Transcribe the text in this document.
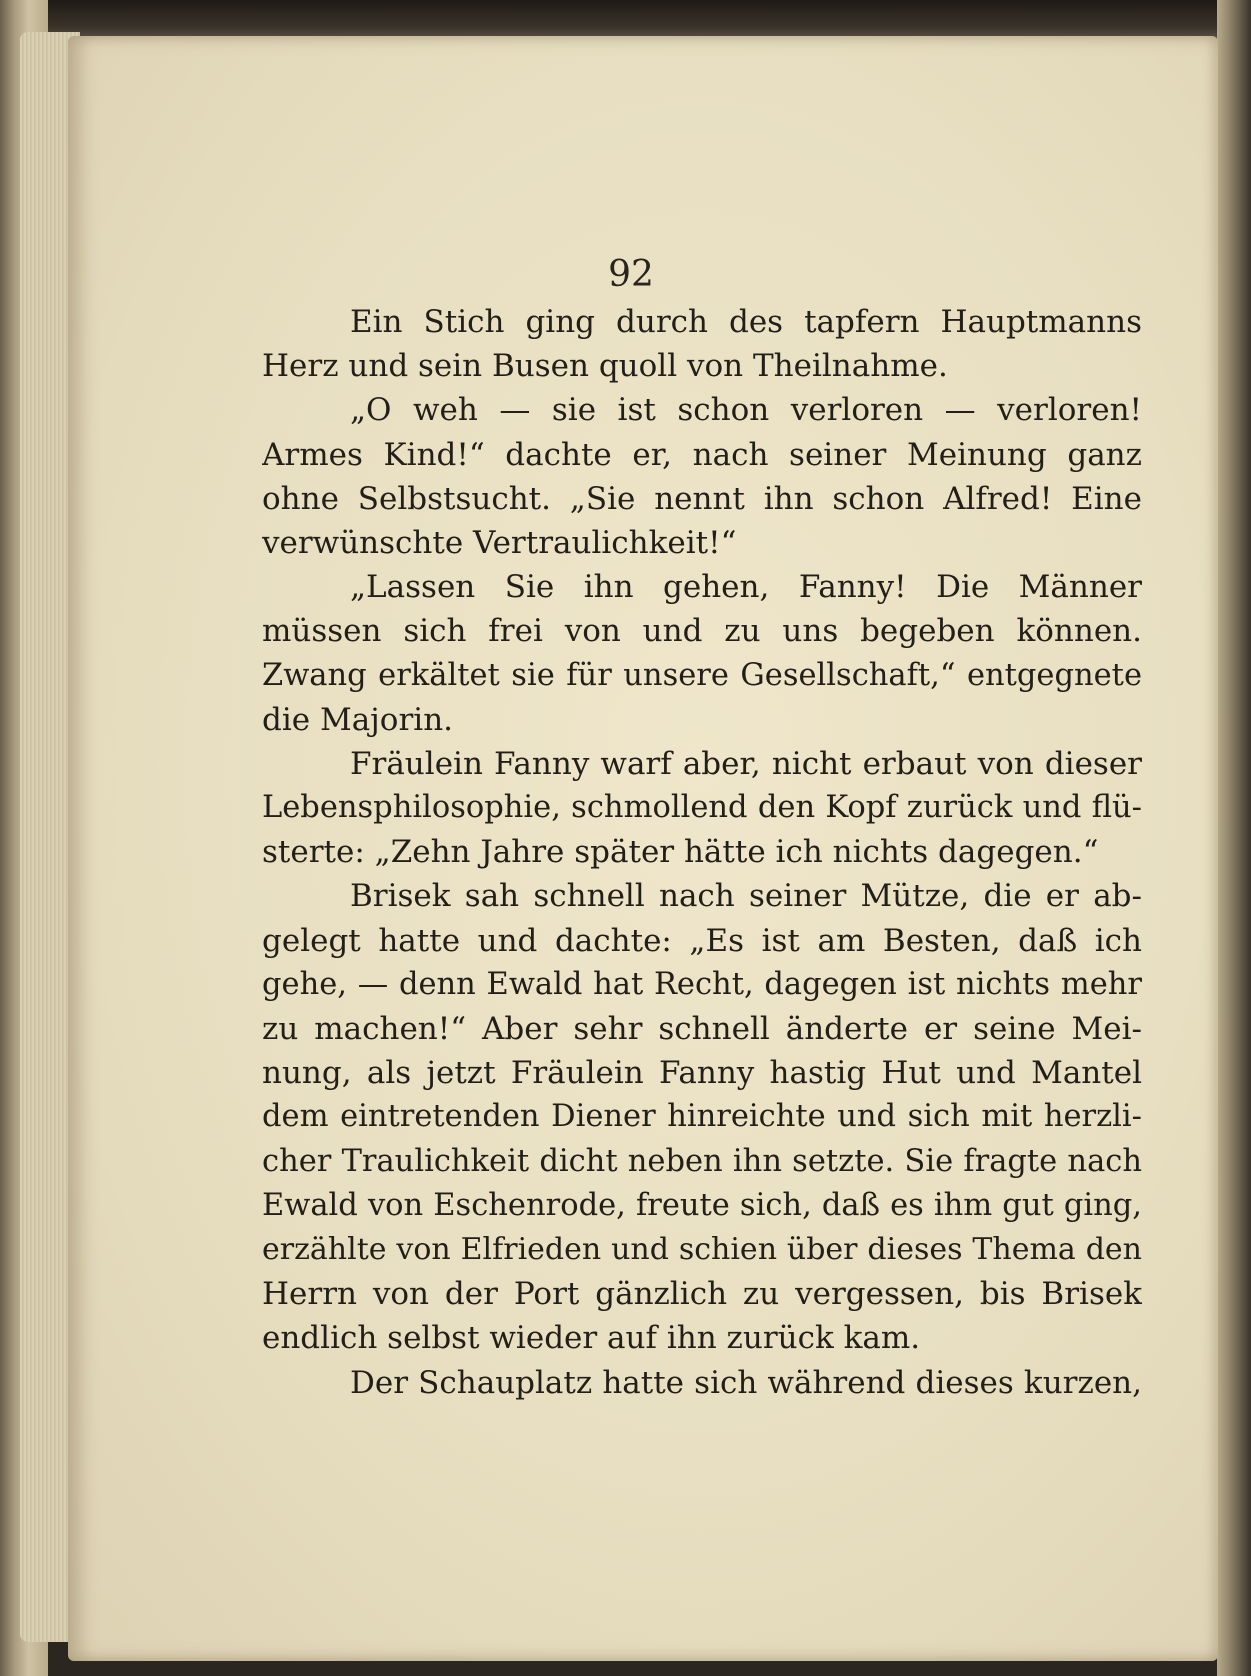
92
Ein Stich ging durch des tapfern Hauptmanns
Herz und sein Busen quoll von Theilnahme.
„O weh — sie ist schon verloren — verloren!
Armes Kind!“ dachte er, nach seiner Meinung ganz
ohne Selbstsucht. „Sie nennt ihn schon Alfred! Eine
verwünschte Vertraulichkeit!“
„Lassen Sie ihn gehen, Fanny! Die Männer
müssen sich frei von und zu uns begeben können.
Zwang erkältet sie für unsere Gesellschaft,“ entgegnete
die Majorin.
Fräulein Fanny warf aber, nicht erbaut von dieser
Lebensphilosophie, schmollend den Kopf zurück und flü-
sterte: „Zehn Jahre später hätte ich nichts dagegen.“
Brisek sah schnell nach seiner Mütze, die er ab-
gelegt hatte und dachte: „Es ist am Besten, daß ich
gehe, — denn Ewald hat Recht, dagegen ist nichts mehr
zu machen!“ Aber sehr schnell änderte er seine Mei-
nung, als jetzt Fräulein Fanny hastig Hut und Mantel
dem eintretenden Diener hinreichte und sich mit herzli-
cher Traulichkeit dicht neben ihn setzte. Sie fragte nach
Ewald von Eschenrode, freute sich, daß es ihm gut ging,
erzählte von Elfrieden und schien über dieses Thema den
Herrn von der Port gänzlich zu vergessen, bis Brisek
endlich selbst wieder auf ihn zurück kam.
Der Schauplatz hatte sich während dieses kurzen,
